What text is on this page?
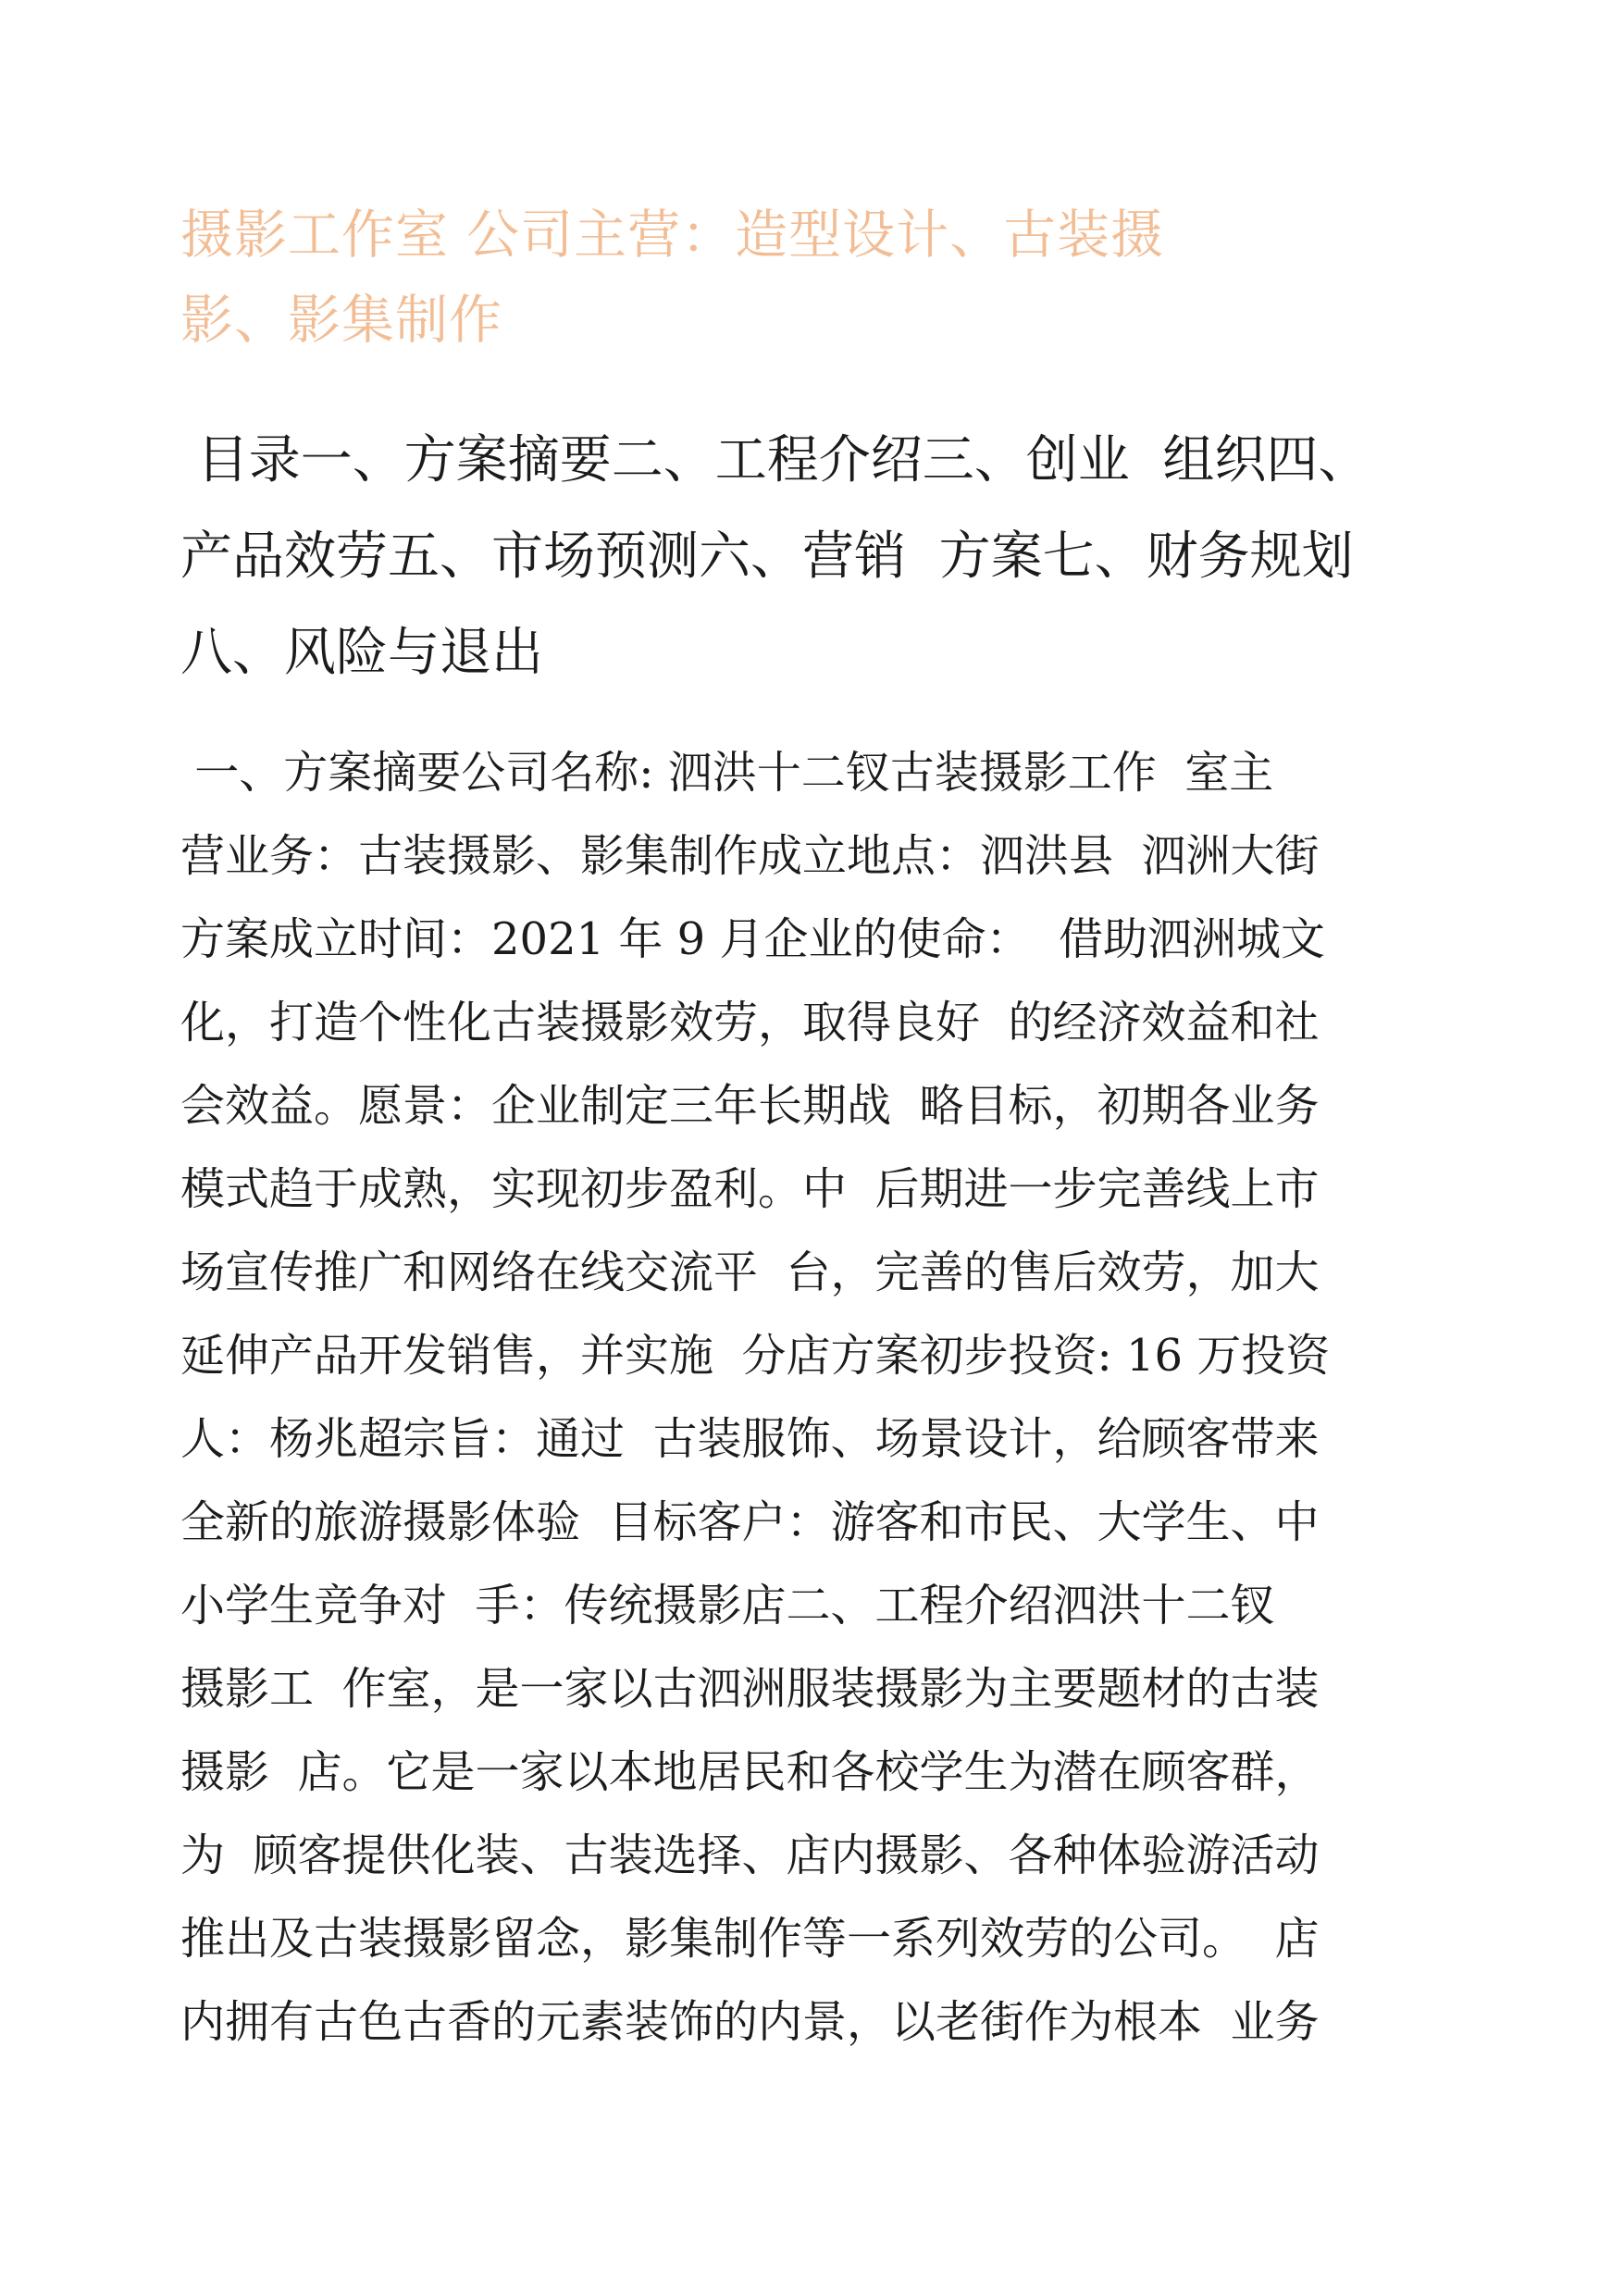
摄影工作室 公司主营：造型设计、古装摄
影、影集制作
目录一、方案摘要二、工程介绍三、创业  组织四、
产品效劳五、市场预测六、营销  方案七、财务规划
八、风险与退出
一、方案摘要公司名称: 泗洪十二钗古装摄影工作  室主
营业务：古装摄影、影集制作成立地点：泗洪县  泗洲大街
方案成立时间：2021 年 9 月企业的使命：  借助泗洲城文
化，打造个性化古装摄影效劳，取得良好  的经济效益和社
会效益。愿景：企业制定三年长期战  略目标，初期各业务
模式趋于成熟，实现初步盈利。中  后期进一步完善线上市
场宣传推广和网络在线交流平  台，完善的售后效劳，加大
延伸产品开发销售，并实施  分店方案初步投资: 16 万投资
人：杨兆超宗旨：通过  古装服饰、场景设计，给顾客带来
全新的旅游摄影体验  目标客户：游客和市民、大学生、中
小学生竞争对  手：传统摄影店二、工程介绍泗洪十二钗
摄影工  作室，是一家以古泗洲服装摄影为主要题材的古装
摄影  店。它是一家以本地居民和各校学生为潜在顾客群，
为  顾客提供化装、古装选择、店内摄影、各种体验游活动
推出及古装摄影留念，影集制作等一系列效劳的公司。  店
内拥有古色古香的元素装饰的内景，以老街作为根本  业务
